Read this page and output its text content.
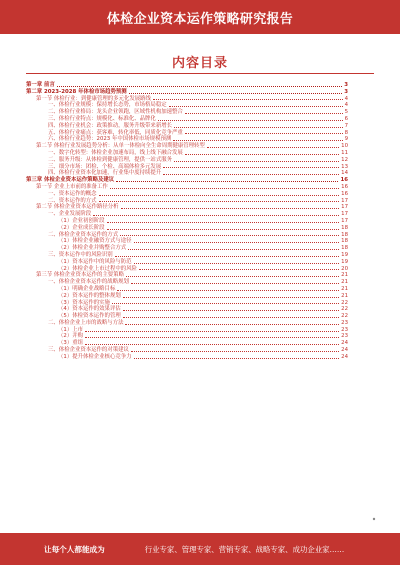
体检企业资本运作策略研究报告
内容目录
第一章 前言	3
第二章 2023-2028 年体检市场趋势预测	3
第一节 体检行业：到健康管理的多元化发展路线	4
一、体检行业规模：保持增长态势，市场格局稳定	4
二、体检行业格局：龙头企业领跑，区域性机构加速整合	5
三、体检行业特点：规模化、标准化、品牌化	6
四、体检行业机会：政策推动，服务升级带来新增长	7
五、体检行业痛点：获客难，转化率低，同质化竞争严重	8
六、体检行业趋势：2023 年中国体检市场规模预测	9
第二节 体检行业发展趋势分析：从单一体检向全生命周期健康管理转型	10
一、数字化转型：体检企业加速布局，线上线下融合发展	11
二、服务升级：从体检到健康管理，提供一站式服务	12
三、细分市场：团检、个检、高端体检多元发展	13
四、体检行业资本化加速，行业集中度持续提升	14
第三章 体检企业资本运作策略及建议	16
第一节 企业上市前的准备工作	16
一、资本运作的概念	16
二、资本运作的方式	17
第二节 体检企业资本运作路径分析	17
一、企业发展阶段	17
（1）企业初创阶段	17
（2）企业成长阶段	18
二、体检企业资本运作的方式	18
（1）体检企业融资方式与途径	18
（2）体检企业并购整合方式	18
三、资本运作中的风险识别	19
（1）资本运作中的风险与防范	19
（2）体检企业上市过程中的风险	20
第三节 体检企业资本运作的主要策略	21
一、体检企业资本运作的战略规划	21
（1）明确企业战略目标	21
（2）资本运作的整体规划	21
（3）资本运作的实施	22
（4）资本运作的效果评估	22
（5）体检资本运作的管理	22
二、体检企业上市的战略与方法	23
（1）上市	23
（2）并购	23
（3）重组	24
三、体检企业资本运作的对策建议	24
（1）提升体检企业核心竞争力	24
让每个人都能成为	行业专家、管理专家、营销专家、战略专家、成功企业家……
